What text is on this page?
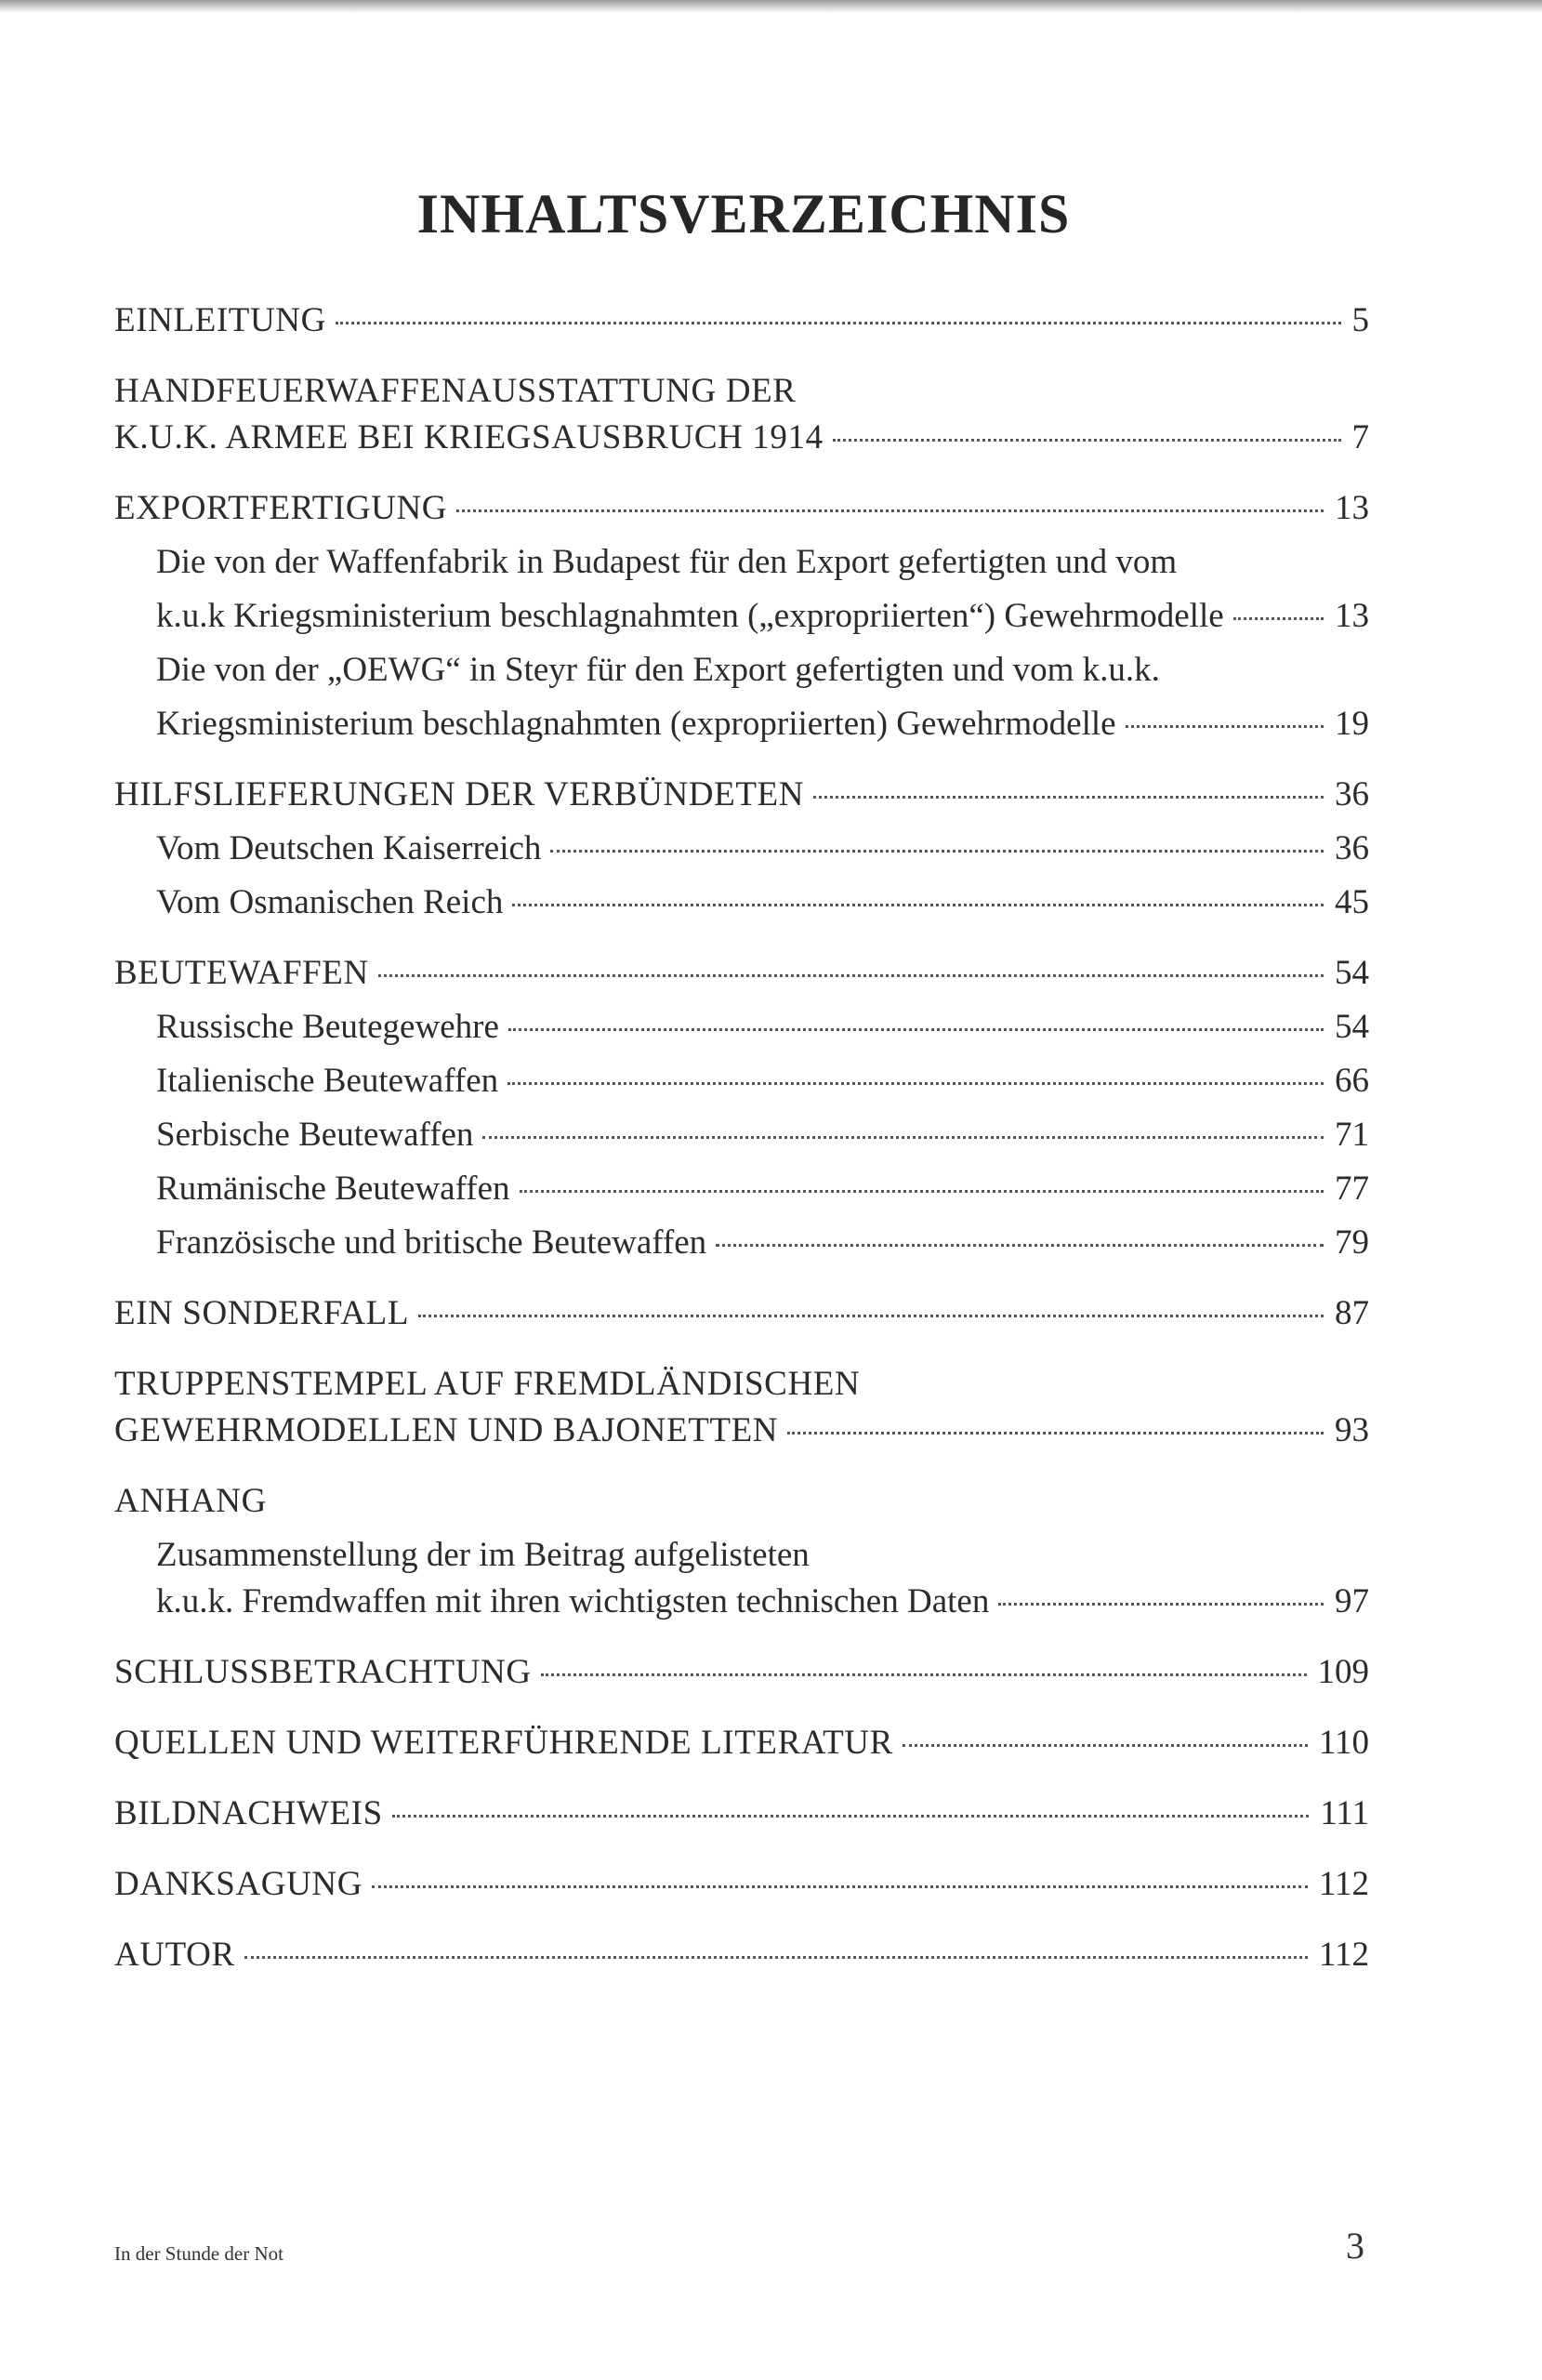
INHALTSVERZEICHNIS
EINLEITUNG	5
HANDFEUERWAFFENAUSSTATTUNG DER
K.U.K. ARMEE BEI KRIEGSAUSBRUCH 1914	7
EXPORTFERTIGUNG	13
Die von der Waffenfabrik in Budapest für den Export gefertigten und vom
k.u.k Kriegsministerium beschlagnahmten („expropriierten“) Gewehrmodelle	13
Die von der „OEWG“ in Steyr für den Export gefertigten und vom k.u.k.
Kriegsministerium beschlagnahmten (expropriierten) Gewehrmodelle	19
HILFSLIEFERUNGEN DER VERBÜNDETEN	36
Vom Deutschen Kaiserreich	36
Vom Osmanischen Reich	45
BEUTEWAFFEN	54
Russische Beutegewehre	54
Italienische Beutewaffen	66
Serbische Beutewaffen	71
Rumänische Beutewaffen	77
Französische und britische Beutewaffen	79
EIN SONDERFALL	87
TRUPPENSTEMPEL AUF FREMDLÄNDISCHEN
GEWEHRMODELLEN UND BAJONETTEN	93
ANHANG
Zusammenstellung der im Beitrag aufgelisteten
k.u.k. Fremdwaffen mit ihren wichtigsten technischen Daten	97
SCHLUSSBETRACHTUNG	109
QUELLEN UND WEITERFÜHRENDE LITERATUR	110
BILDNACHWEIS	111
DANKSAGUNG	112
AUTOR	112
In der Stunde der Not	3
